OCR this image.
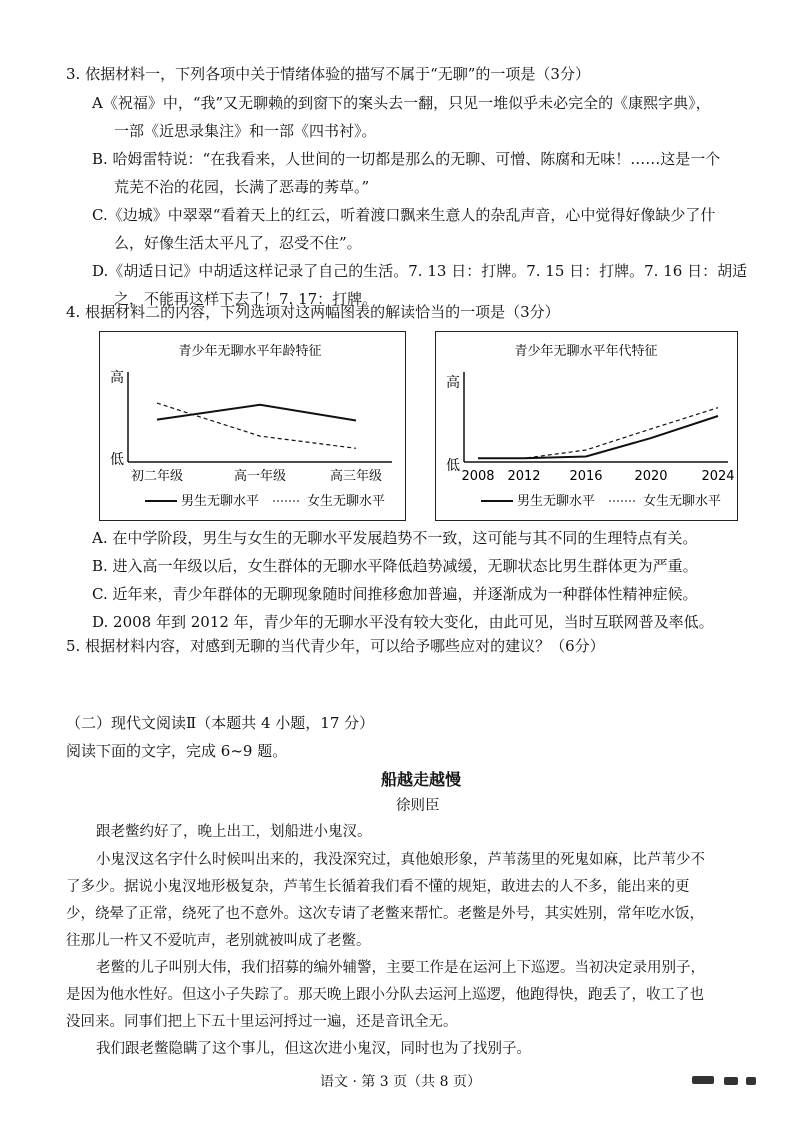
3. 依据材料一，下列各项中关于情绪体验的描写不属于“无聊”的一项是（3分）
A《祝福》中，“我”又无聊赖的到窗下的案头去一翻，只见一堆似乎未必完全的《康熙字典》，
一部《近思录集注》和一部《四书衬》。
B. 哈姆雷特说：“在我看来，人世间的一切都是那么的无聊、可憎、陈腐和无味！……这是一个
荒芜不治的花园，长满了恶毒的莠草。”
C.《边城》中翠翠“看着天上的红云，听着渡口飘来生意人的杂乱声音，心中觉得好像缺少了什
么，好像生活太平凡了，忍受不住”。
D.《胡适日记》中胡适这样记录了自己的生活。7. 13 日：打牌。7. 15 日：打牌。7. 16 日：胡适
之，不能再这样下去了！7. 17：打牌。
4. 根据材料二的内容，下列选项对这两幅图表的解读恰当的一项是（3分）
青少年无聊水平年龄特征
高
低
初二年级	高一年级	高三年级
男生无聊水平	女生无聊水平
青少年无聊水平年代特征
高
低
2008 2012 2016 2020	2024
男生无聊水平	女生无聊水平
A. 在中学阶段，男生与女生的无聊水平发展趋势不一致，这可能与其不同的生理特点有关。
B. 进入高一年级以后，女生群体的无聊水平降低趋势减缓，无聊状态比男生群体更为严重。
C. 近年来，青少年群体的无聊现象随时间推移愈加普遍，并逐渐成为一种群体性精神症候。
D. 2008 年到 2012 年，青少年的无聊水平没有较大变化，由此可见，当时互联网普及率低。
5. 根据材料内容，对感到无聊的当代青少年，可以给予哪些应对的建议？（6分）
（二）现代文阅读Ⅱ（本题共 4 小题，17 分）
阅读下面的文字，完成 6~9 题。
船越走越慢
徐则臣
跟老鳖约好了，晚上出工，划船进小鬼汊。
小鬼汊这名字什么时候叫出来的，我没深究过，真他娘形象，芦苇荡里的死鬼如麻，比芦苇少不
了多少。据说小鬼汊地形极复杂，芦苇生长循着我们看不懂的规矩，敢进去的人不多，能出来的更
少，绕晕了正常，绕死了也不意外。这次专请了老鳖来帮忙。老鳖是外号，其实姓别，常年吃水饭，
往那儿一杵又不爱吭声，老别就被叫成了老鳖。
老鳖的儿子叫别大伟，我们招募的编外辅警，主要工作是在运河上下巡逻。当初决定录用别子，
是因为他水性好。但这小子失踪了。那天晚上跟小分队去运河上巡逻，他跑得快，跑丢了，收工了也
没回来。同事们把上下五十里运河捋过一遍，还是音讯全无。
我们跟老鳖隐瞒了这个事儿，但这次进小鬼汊，同时也为了找别子。
语文 · 第 3 页（共 8 页）
